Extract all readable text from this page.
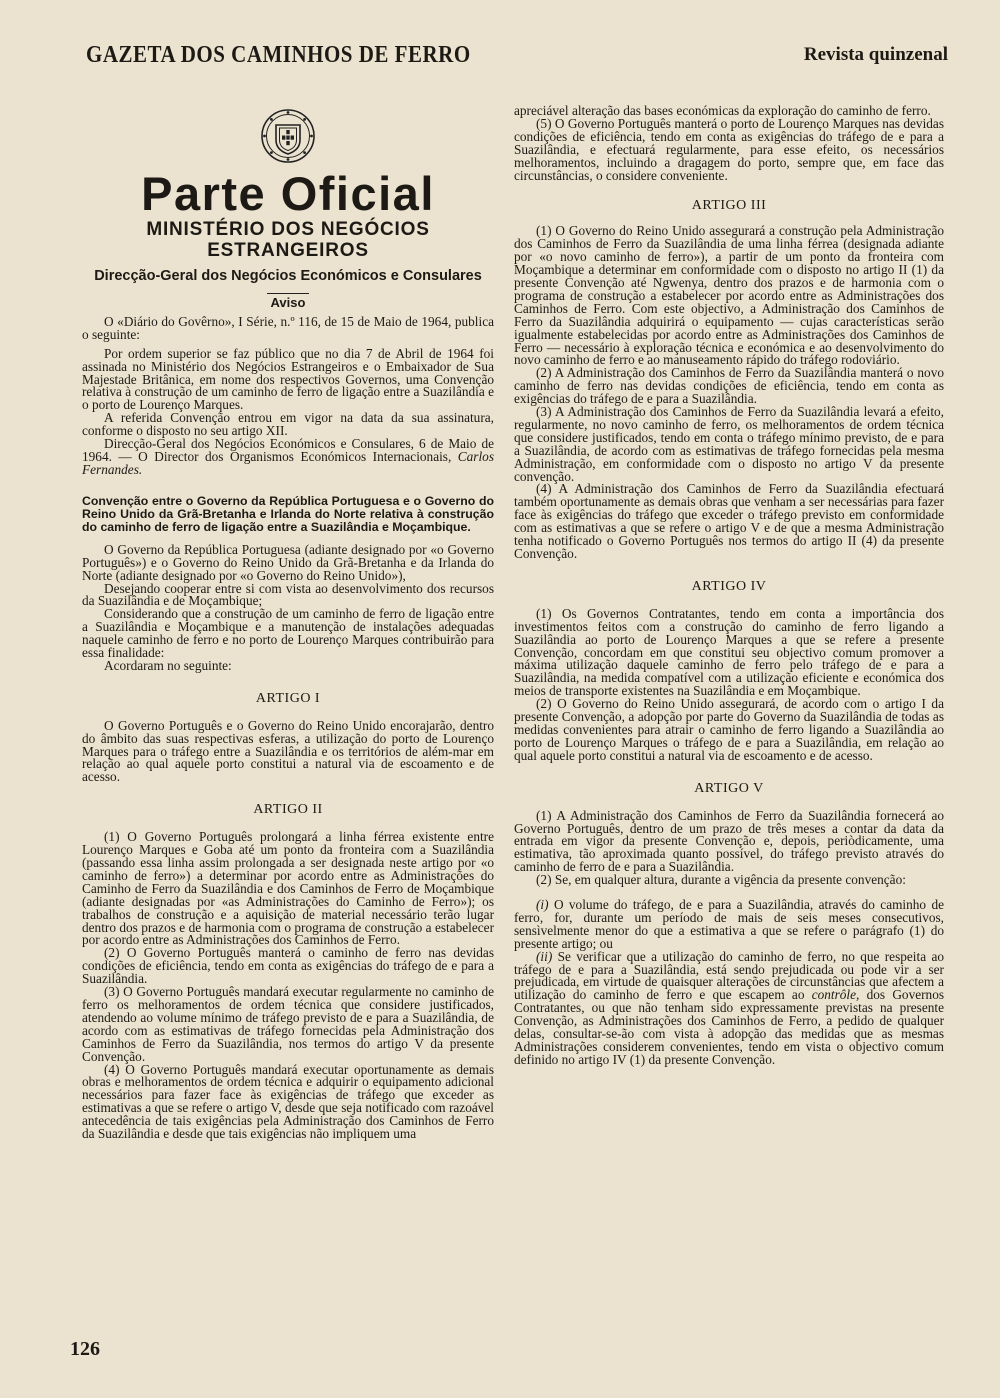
GAZETA DOS CAMINHOS DE FERRO	Revista quinzenal
Parte Oficial
MINISTÉRIO DOS NEGÓCIOS ESTRANGEIROS
Direcção-Geral dos Negócios Económicos e Consulares
Aviso

O «Diário do Govêrno», I Série, n.º 116, de 15 de Maio de 1964, publica o seguinte:

Por ordem superior se faz público que no dia 7 de Abril de 1964 foi assinada no Ministério dos Negócios Estrangeiros e o Embaixador de Sua Majestade Britânica, em nome dos respectivos Governos, uma Convenção relativa à construção de um caminho de ferro de ligação entre a Suazilândia e o porto de Lourenço Marques.

A referida Convenção entrou em vigor na data da sua assinatura, conforme o disposto no seu artigo XII.

Direcção-Geral dos Negócios Económicos e Consulares, 6 de Maio de 1964. — O Director dos Organismos Económicos Internacionais, Carlos Fernandes.

Convenção entre o Governo da República Portuguesa e o Governo do Reino Unido da Grã-Bretanha e Irlanda do Norte relativa à construção do caminho de ferro de ligação entre a Suazilândia e Moçambique.

O Governo da República Portuguesa (adiante designado por «o Governo Português») e o Governo do Reino Unido da Grã-Bretanha e da Irlanda do Norte (adiante designado por «o Governo do Reino Unido»),

Desejando cooperar entre si com vista ao desenvolvimento dos recursos da Suazilândia e de Moçambique;

Considerando que a construção de um caminho de ferro de ligação entre a Suazilândia e Moçambique e a manutenção de instalações adequadas naquele caminho de ferro e no porto de Lourenço Marques contribuirão para essa finalidade:

Acordaram no seguinte:

ARTIGO I

O Governo Português e o Governo do Reino Unido encorajarão, dentro do âmbito das suas respectivas esferas, a utilização do porto de Lourenço Marques para o tráfego entre a Suazilândia e os territórios de além-mar em relação ao qual aquele porto constitui a natural via de escoamento e de acesso.

ARTIGO II

(1) O Governo Português prolongará a linha férrea existente entre Lourenço Marques e Goba até um ponto da fronteira com a Suazilândia (passando essa linha assim prolongada a ser designada neste artigo por «o caminho de ferro») a determinar por acordo entre as Administrações do Caminho de Ferro da Suazilândia e dos Caminhos de Ferro de Moçambique (adiante designadas por «as Administrações do Caminho de Ferro»); os trabalhos de construção e a aquisição de material necessário terão lugar dentro dos prazos e de harmonia com o programa de construção a estabelecer por acordo entre as Administrações dos Caminhos de Ferro.

(2) O Governo Português manterá o caminho de ferro nas devidas condições de eficiência, tendo em conta as exigências do tráfego de e para a Suazilândia.

(3) O Governo Português mandará executar regularmente no caminho de ferro os melhoramentos de ordem técnica que considere justificados, atendendo ao volume mínimo de tráfego previsto de e para a Suazilândia, de acordo com as estimativas de tráfego fornecidas pela Administração dos Caminhos de Ferro da Suazilândia, nos termos do artigo V da presente Convenção.

(4) O Governo Português mandará executar oportunamente as demais obras e melhoramentos de ordem técnica e adquirir o equipamento adicional necessários para fazer face às exigências de tráfego que exceder as estimativas a que se refere o artigo V, desde que seja notificado com razoável antecedência de tais exigências pela Administração dos Caminhos de Ferro da Suazilândia e desde que tais exigências não impliquem uma

apreciável alteração das bases económicas da exploração do caminho de ferro.

(5) O Governo Português manterá o porto de Lourenço Marques nas devidas condições de eficiência, tendo em conta as exigências do tráfego de e para a Suazilândia, e efectuará regularmente, para esse efeito, os necessários melhoramentos, incluindo a dragagem do porto, sempre que, em face das circunstâncias, o considere conveniente.

ARTIGO III

(1) O Governo do Reino Unido assegurará a construção pela Administração dos Caminhos de Ferro da Suazilândia de uma linha férrea (designada adiante por «o novo caminho de ferro»), a partir de um ponto da fronteira com Moçambique a determinar em conformidade com o disposto no artigo II (1) da presente Convenção até Ngwenya, dentro dos prazos e de harmonia com o programa de construção a estabelecer por acordo entre as Administrações dos Caminhos de Ferro. Com este objectivo, a Administração dos Caminhos de Ferro da Suazilândia adquirirá o equipamento — cujas características serão igualmente estabelecidas por acordo entre as Administrações dos Caminhos de Ferro — necessário à exploração técnica e económica e ao desenvolvimento do novo caminho de ferro e ao manuseamento rápido do tráfego rodoviário.

(2) A Administração dos Caminhos de Ferro da Suazilândia manterá o novo caminho de ferro nas devidas condições de eficiência, tendo em conta as exigências do tráfego de e para a Suazilândia.

(3) A Administração dos Caminhos de Ferro da Suazilândia levará a efeito, regularmente, no novo caminho de ferro, os melhoramentos de ordem técnica que considere justificados, tendo em conta o tráfego mínimo previsto, de e para a Suazilândia, de acordo com as estimativas de tráfego fornecidas pela mesma Administração, em conformidade com o disposto no artigo V da presente convenção.

(4) A Administração dos Caminhos de Ferro da Suazilândia efectuará também oportunamente as demais obras que venham a ser necessárias para fazer face às exigências do tráfego que exceder o tráfego previsto em conformidade com as estimativas a que se refere o artigo V e de que a mesma Administração tenha notificado o Governo Português nos termos do artigo II (4) da presente Convenção.

ARTIGO IV

(1) Os Governos Contratantes, tendo em conta a importância dos investimentos feitos com a construção do caminho de ferro ligando a Suazilândia ao porto de Lourenço Marques a que se refere a presente Convenção, concordam em que constitui seu objectivo comum promover a máxima utilização daquele caminho de ferro pelo tráfego de e para a Suazilândia, na medida compatível com a utilização eficiente e económica dos meios de transporte existentes na Suazilândia e em Moçambique.

(2) O Governo do Reino Unido assegurará, de acordo com o artigo I da presente Convenção, a adopção por parte do Governo da Suazilândia de todas as medidas convenientes para atrair o caminho de ferro ligando a Suazilândia ao porto de Lourenço Marques o tráfego de e para a Suazilândia, em relação ao qual aquele porto constitui a natural via de escoamento e de acesso.

ARTIGO V

(1) A Administração dos Caminhos de Ferro da Suazilândia fornecerá ao Governo Português, dentro de um prazo de três meses a contar da data da entrada em vigor da presente Convenção e, depois, periòdicamente, uma estimativa, tão aproximada quanto possível, do tráfego previsto através do caminho de ferro de e para a Suazilândia.

(2) Se, em qualquer altura, durante a vigência da presente convenção:

(i) O volume do tráfego, de e para a Suazilândia, através do caminho de ferro, for, durante um período de mais de seis meses consecutivos, sensìvelmente menor do que a estimativa a que se refere o parágrafo (1) do presente artigo; ou

(ii) Se verificar que a utilização do caminho de ferro, no que respeita ao tráfego de e para a Suazilândia, está sendo prejudicada ou pode vir a ser prejudicada, em virtude de quaisquer alterações de circunstâncias que afectem a utilização do caminho de ferro e que escapem ao contrôle, dos Governos Contratantes, ou que não tenham sido expressamente previstas na presente Convenção, as Administrações dos Caminhos de Ferro, a pedido de qualquer delas, consultar-se-ão com vista à adopção das medidas que as mesmas Administrações considerem convenientes, tendo em vista o objectivo comum definido no artigo IV (1) da presente Convenção.

126
